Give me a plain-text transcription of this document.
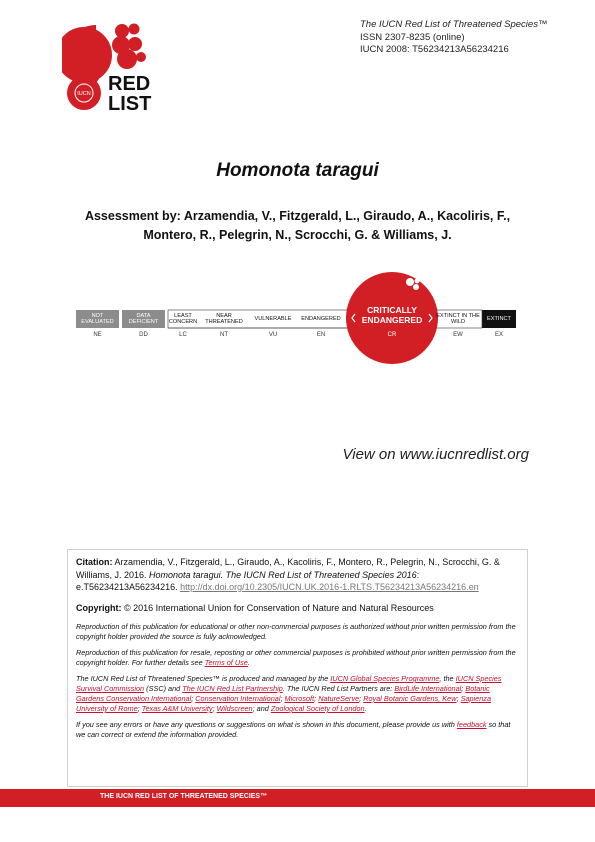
IUCN RED
LIST
The IUCN Red List of Threatened Species™
ISSN 2307-8235 (online)
IUCN 2008: T56234213A56234216
Homonota taragui
Assessment by: Arzamendia, V., Fitzgerald, L., Giraudo, A., Kacoliris, F., Montero, R., Pelegrin, N., Scrocchi, G. & Williams, J.
NOT EVALUATED
DATA DEFICIENT
LEAST CONCERN
NEAR THREATENED
VULNERABLE	ENDANGERED
EXTINCT IN THE WILD
EXTINCT
CRITICALLY
ENDANGERED
NE	DD	LC	NT	VU	EN	CR	EW	EX
View on www.iucnredlist.org

Citation: Arzamendia, V., Fitzgerald, L., Giraudo, A., Kacoliris, F., Montero, R., Pelegrin, N., Scrocchi, G. & Williams, J. 2016. Homonota taragui. The IUCN Red List of Threatened Species 2016: e.T56234213A56234216. http://dx.doi.org/10.2305/IUCN.UK.2016-1.RLTS.T56234213A56234216.en

Copyright: © 2016 International Union for Conservation of Nature and Natural Resources

Reproduction of this publication for educational or other non-commercial purposes is authorized without prior written permission from the copyright holder provided the source is fully acknowledged.

Reproduction of this publication for resale, reposting or other commercial purposes is prohibited without prior written permission from the copyright holder. For further details see Terms of Use.

The IUCN Red List of Threatened Species™ is produced and managed by the IUCN Global Species Programme, the IUCN Species Survival Commission (SSC) and The IUCN Red List Partnership. The IUCN Red List Partners are: BirdLife International; Botanic Gardens Conservation International; Conservation International; Microsoft; NatureServe; Royal Botanic Gardens, Kew; Sapienza University of Rome; Texas A&M University; Wildscreen; and Zoological Society of London.

If you see any errors or have any questions or suggestions on what is shown in this document, please provide us with feedback so that we can correct or extend the information provided.

THE IUCN RED LIST OF THREATENED SPECIES™
